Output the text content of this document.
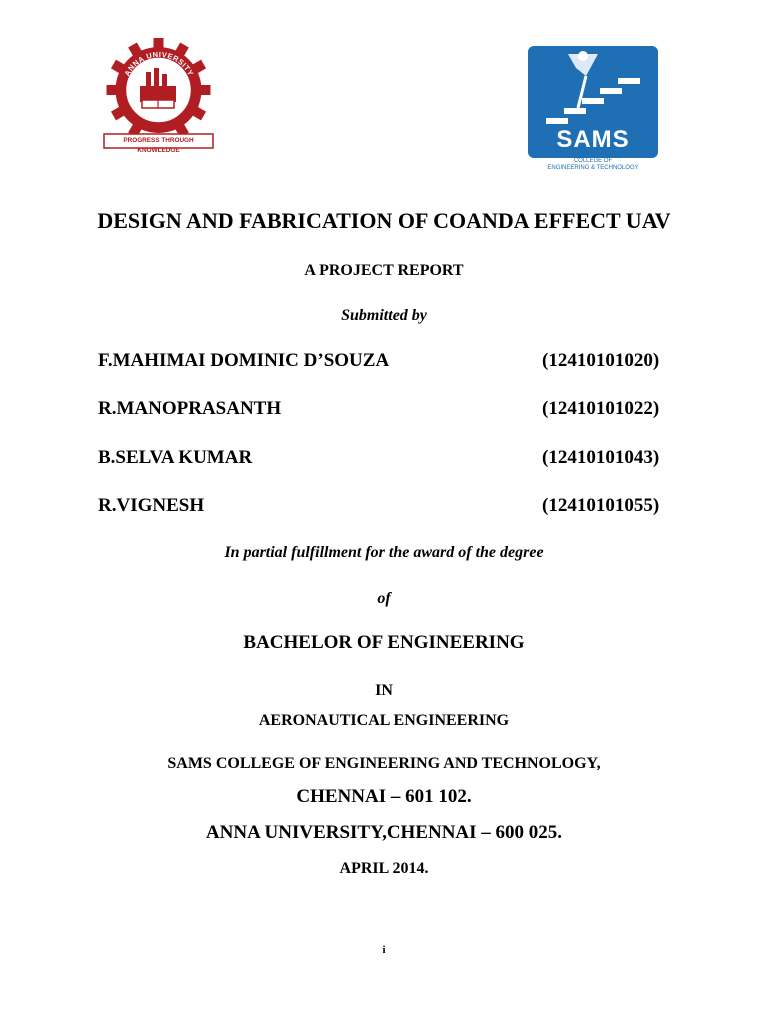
ANNA UNIVERSITY
PROGRESS THROUGH KNOWLEDGE	SAMS
COLLEGE OF
ENGINEERING & TECHNOLOGY
DESIGN AND FABRICATION OF COANDA EFFECT UAV
A PROJECT REPORT
Submitted by
F.MAHIMAI DOMINIC D’SOUZA	(12410101020)
R.MANOPRASANTH	(12410101022)
B.SELVA KUMAR	(12410101043)
R.VIGNESH	(12410101055)
In partial fulfillment for the award of the degree
of
BACHELOR OF ENGINEERING
IN
AERONAUTICAL ENGINEERING
SAMS COLLEGE OF ENGINEERING AND TECHNOLOGY,
CHENNAI – 601 102.
ANNA UNIVERSITY,CHENNAI – 600 025.
APRIL 2014.
i
